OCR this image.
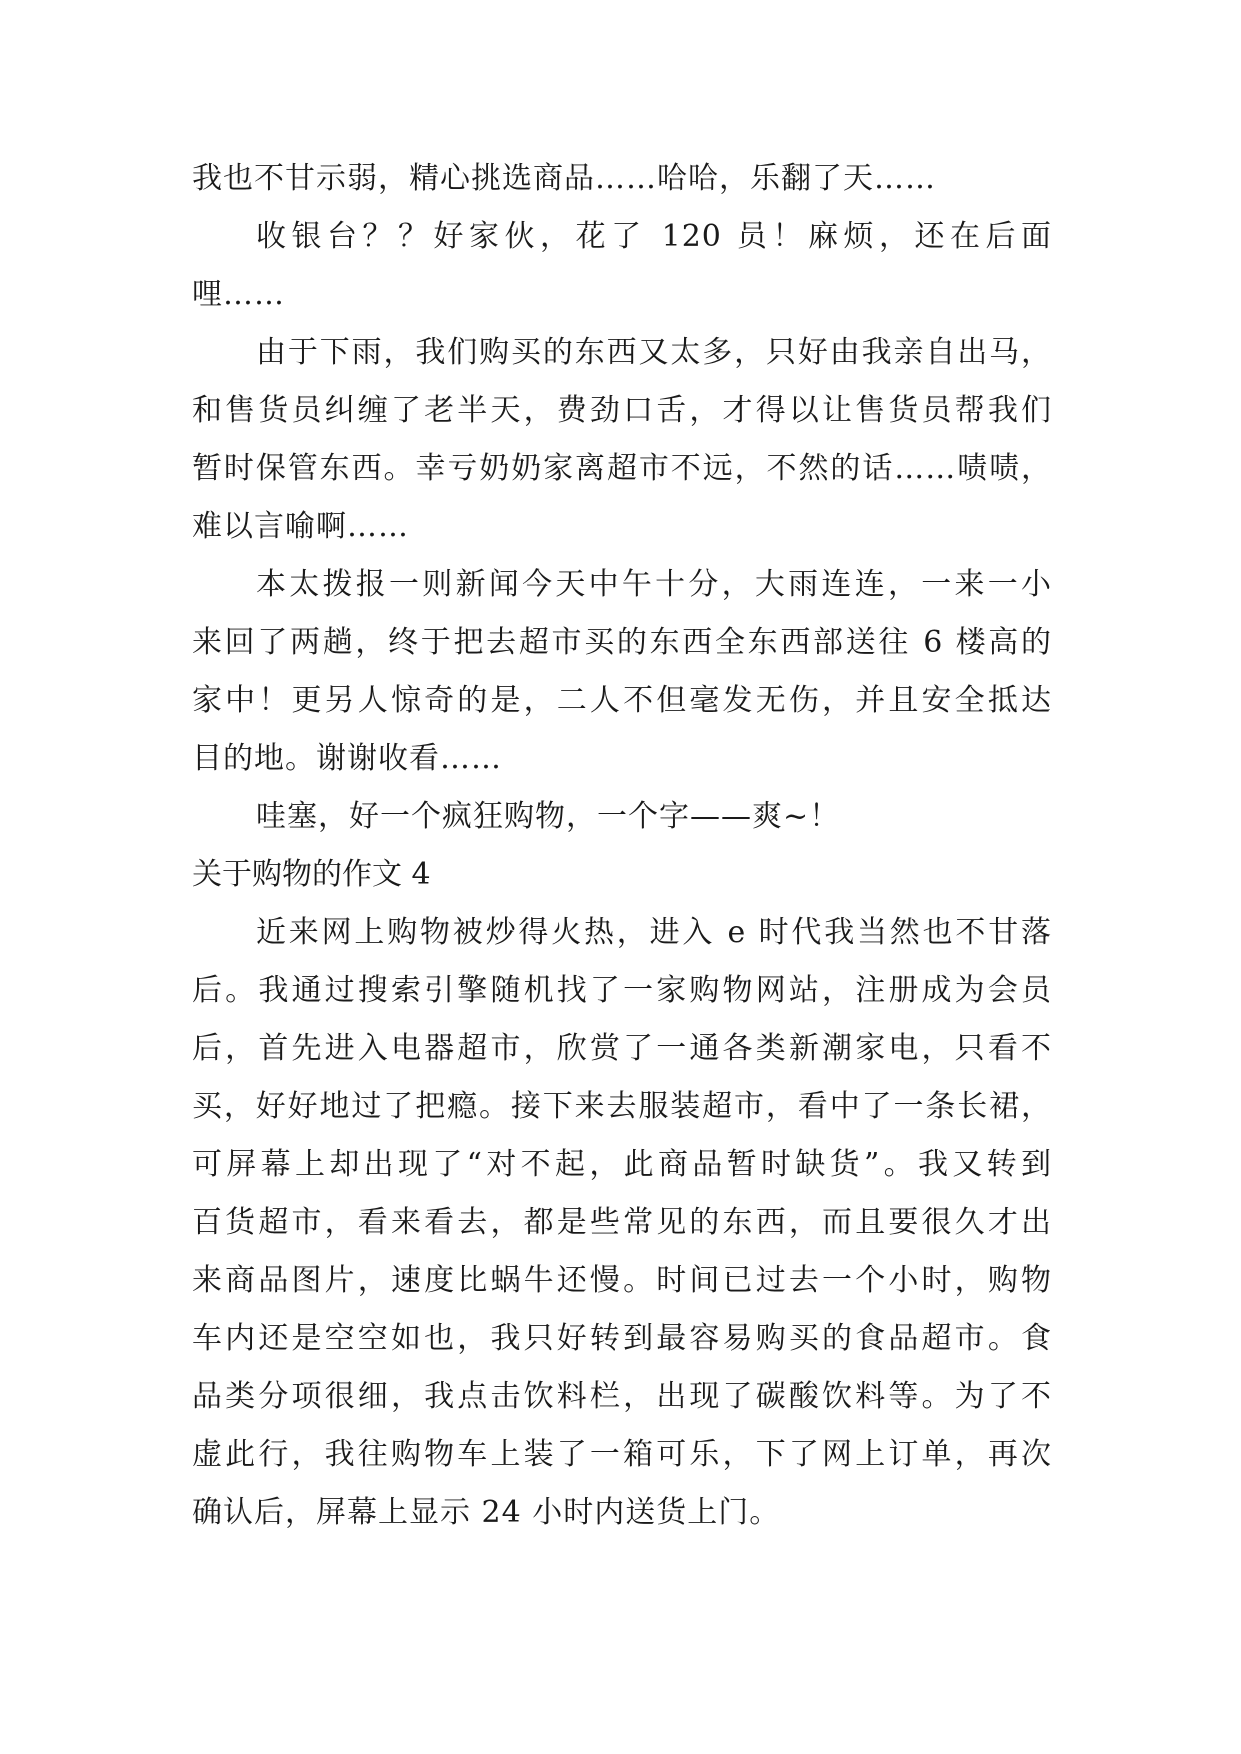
我也不甘示弱，精心挑选商品……哈哈，乐翻了天……
收银台？？好家伙，花了 120 员！麻烦，还在后面
哩……
由于下雨，我们购买的东西又太多，只好由我亲自出马，
和售货员纠缠了老半天，费劲口舌，才得以让售货员帮我们
暂时保管东西。幸亏奶奶家离超市不远，不然的话……啧啧，
难以言喻啊……
本太拨报一则新闻今天中午十分，大雨连连，一来一小
来回了两趟，终于把去超市买的东西全东西部送往 6 楼高的
家中！更另人惊奇的是，二人不但毫发无伤，并且安全抵达
目的地。谢谢收看……
哇塞，好一个疯狂购物，一个字——爽~！
关于购物的作文 4
近来网上购物被炒得火热，进入 e 时代我当然也不甘落
后。我通过搜索引擎随机找了一家购物网站，注册成为会员
后，首先进入电器超市，欣赏了一通各类新潮家电，只看不
买，好好地过了把瘾。接下来去服装超市，看中了一条长裙，
可屏幕上却出现了“对不起，此商品暂时缺货”。我又转到
百货超市，看来看去，都是些常见的东西，而且要很久才出
来商品图片，速度比蜗牛还慢。时间已过去一个小时，购物
车内还是空空如也，我只好转到最容易购买的食品超市。食
品类分项很细，我点击饮料栏，出现了碳酸饮料等。为了不
虚此行，我往购物车上装了一箱可乐，下了网上订单，再次
确认后，屏幕上显示 24 小时内送货上门。
